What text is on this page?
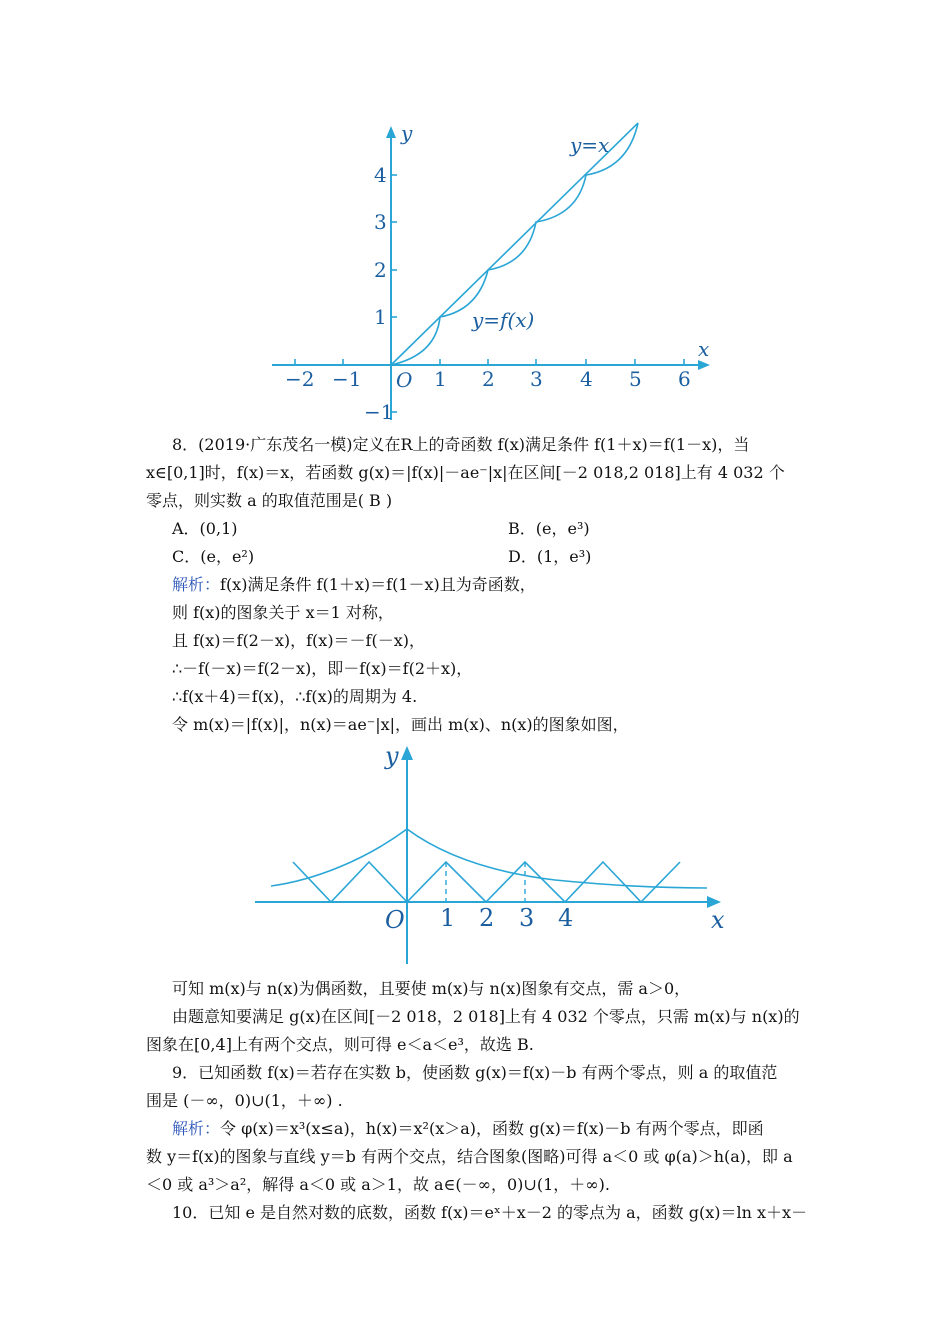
−2 −1	1 2 3 4 5 6
1
2
3
4
−1
O
x
y	y=x
y=f(x)
8．(2019·广东茂名一模)定义在R上的奇函数 f(x)满足条件 f(1＋x)＝f(1－x)，当
x∈[0,1]时，f(x)＝x，若函数 g(x)＝|f(x)|－ae⁻|x|在区间[－2 018,2 018]上有 4 032 个
零点，则实数 a 的取值范围是( B )
A．(0,1)	B．(e，e³)
C．(e，e²)	D．(1，e³)
解析：f(x)满足条件 f(1＋x)＝f(1－x)且为奇函数，
则 f(x)的图象关于 x＝1 对称，
且 f(x)＝f(2－x)，f(x)＝－f(－x)，
∴－f(－x)＝f(2－x)，即－f(x)＝f(2＋x)，
∴f(x＋4)＝f(x)，∴f(x)的周期为 4.
令 m(x)＝|f(x)|，n(x)＝ae⁻|x|，画出 m(x)、n(x)的图象如图，
O 1 2 3 4	x
y
可知 m(x)与 n(x)为偶函数，且要使 m(x)与 n(x)图象有交点，需 a＞0，
由题意知要满足 g(x)在区间[－2 018，2 018]上有 4 032 个零点，只需 m(x)与 n(x)的
图象在[0,4]上有两个交点，则可得 e＜a＜e³，故选 B.
9．已知函数 f(x)＝若存在实数 b，使函数 g(x)＝f(x)－b 有两个零点，则 a 的取值范
围是 (－∞，0)∪(1，＋∞) .
解析：令 φ(x)＝x³(x≤a)，h(x)＝x²(x＞a)，函数 g(x)＝f(x)－b 有两个零点，即函
数 y＝f(x)的图象与直线 y＝b 有两个交点，结合图象(图略)可得 a＜0 或 φ(a)＞h(a)，即 a
＜0 或 a³＞a²，解得 a＜0 或 a＞1，故 a∈(－∞，0)∪(1，＋∞).
10．已知 e 是自然对数的底数，函数 f(x)＝eˣ＋x－2 的零点为 a，函数 g(x)＝ln x＋x－
